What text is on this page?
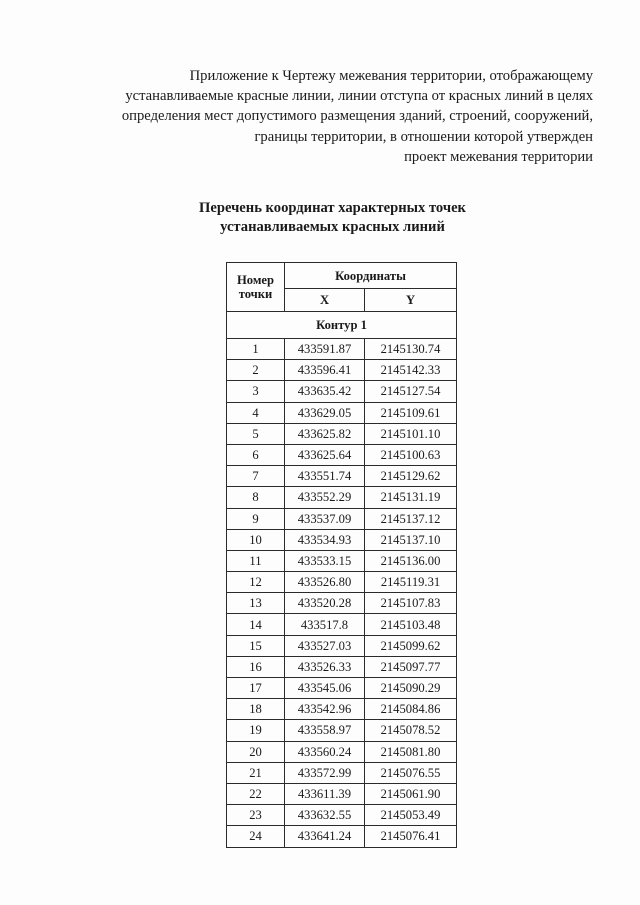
Приложение к Чертежу межевания территории, отображающему
устанавливаемые красные линии, линии отступа от красных линий в целях
определения мест допустимого размещения зданий, строений, сооружений,
границы территории, в отношении которой утвержден
проект межевания территории
Перечень координат характерных точек
устанавливаемых красных линий
Номер точки	Координаты	
	X	Y
Контур 1		
1	433591.87	2145130.74
2	433596.41	2145142.33
3	433635.42	2145127.54
4	433629.05	2145109.61
5	433625.82	2145101.10
6	433625.64	2145100.63
7	433551.74	2145129.62
8	433552.29	2145131.19
9	433537.09	2145137.12
10	433534.93	2145137.10
11	433533.15	2145136.00
12	433526.80	2145119.31
13	433520.28	2145107.83
14	433517.8	2145103.48
15	433527.03	2145099.62
16	433526.33	2145097.77
17	433545.06	2145090.29
18	433542.96	2145084.86
19	433558.97	2145078.52
20	433560.24	2145081.80
21	433572.99	2145076.55
22	433611.39	2145061.90
23	433632.55	2145053.49
24	433641.24	2145076.41
